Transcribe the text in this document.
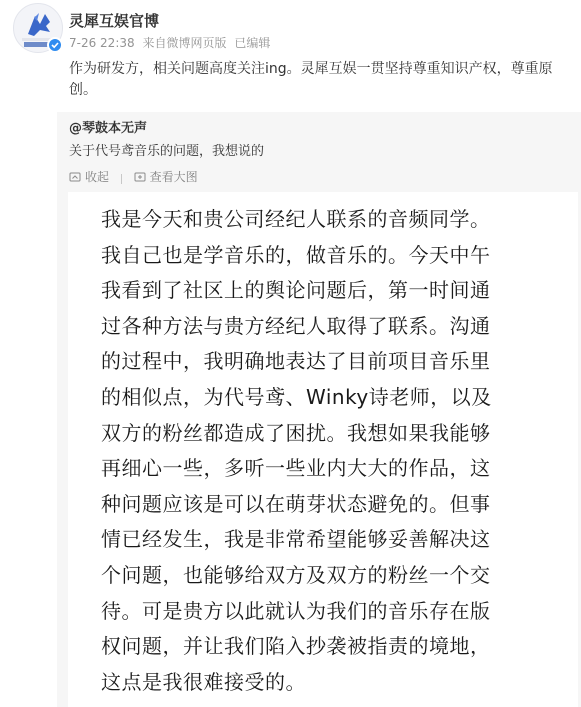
灵犀互娱官博
7-26 22:38 来自微博网页版 已编辑
作为研发方，相关问题高度关注ing。灵犀互娱一贯坚持尊重知识产权，尊重原创。
@琴鼓本无声
关于代号鸢音乐的问题，我想说的
收起
	查看大图
我是今天和贵公司经纪人联系的音频同学。
我自己也是学音乐的，做音乐的。今天中午
我看到了社区上的舆论问题后，第一时间通
过各种方法与贵方经纪人取得了联系。沟通
的过程中，我明确地表达了目前项目音乐里
的相似点，为代号鸢、Winky诗老师，以及
双方的粉丝都造成了困扰。我想如果我能够
再细心一些，多听一些业内大大的作品，这
种问题应该是可以在萌芽状态避免的。但事
情已经发生，我是非常希望能够妥善解决这
个问题，也能够给双方及双方的粉丝一个交
待。可是贵方以此就认为我们的音乐存在版
权问题，并让我们陷入抄袭被指责的境地，
这点是我很难接受的。
